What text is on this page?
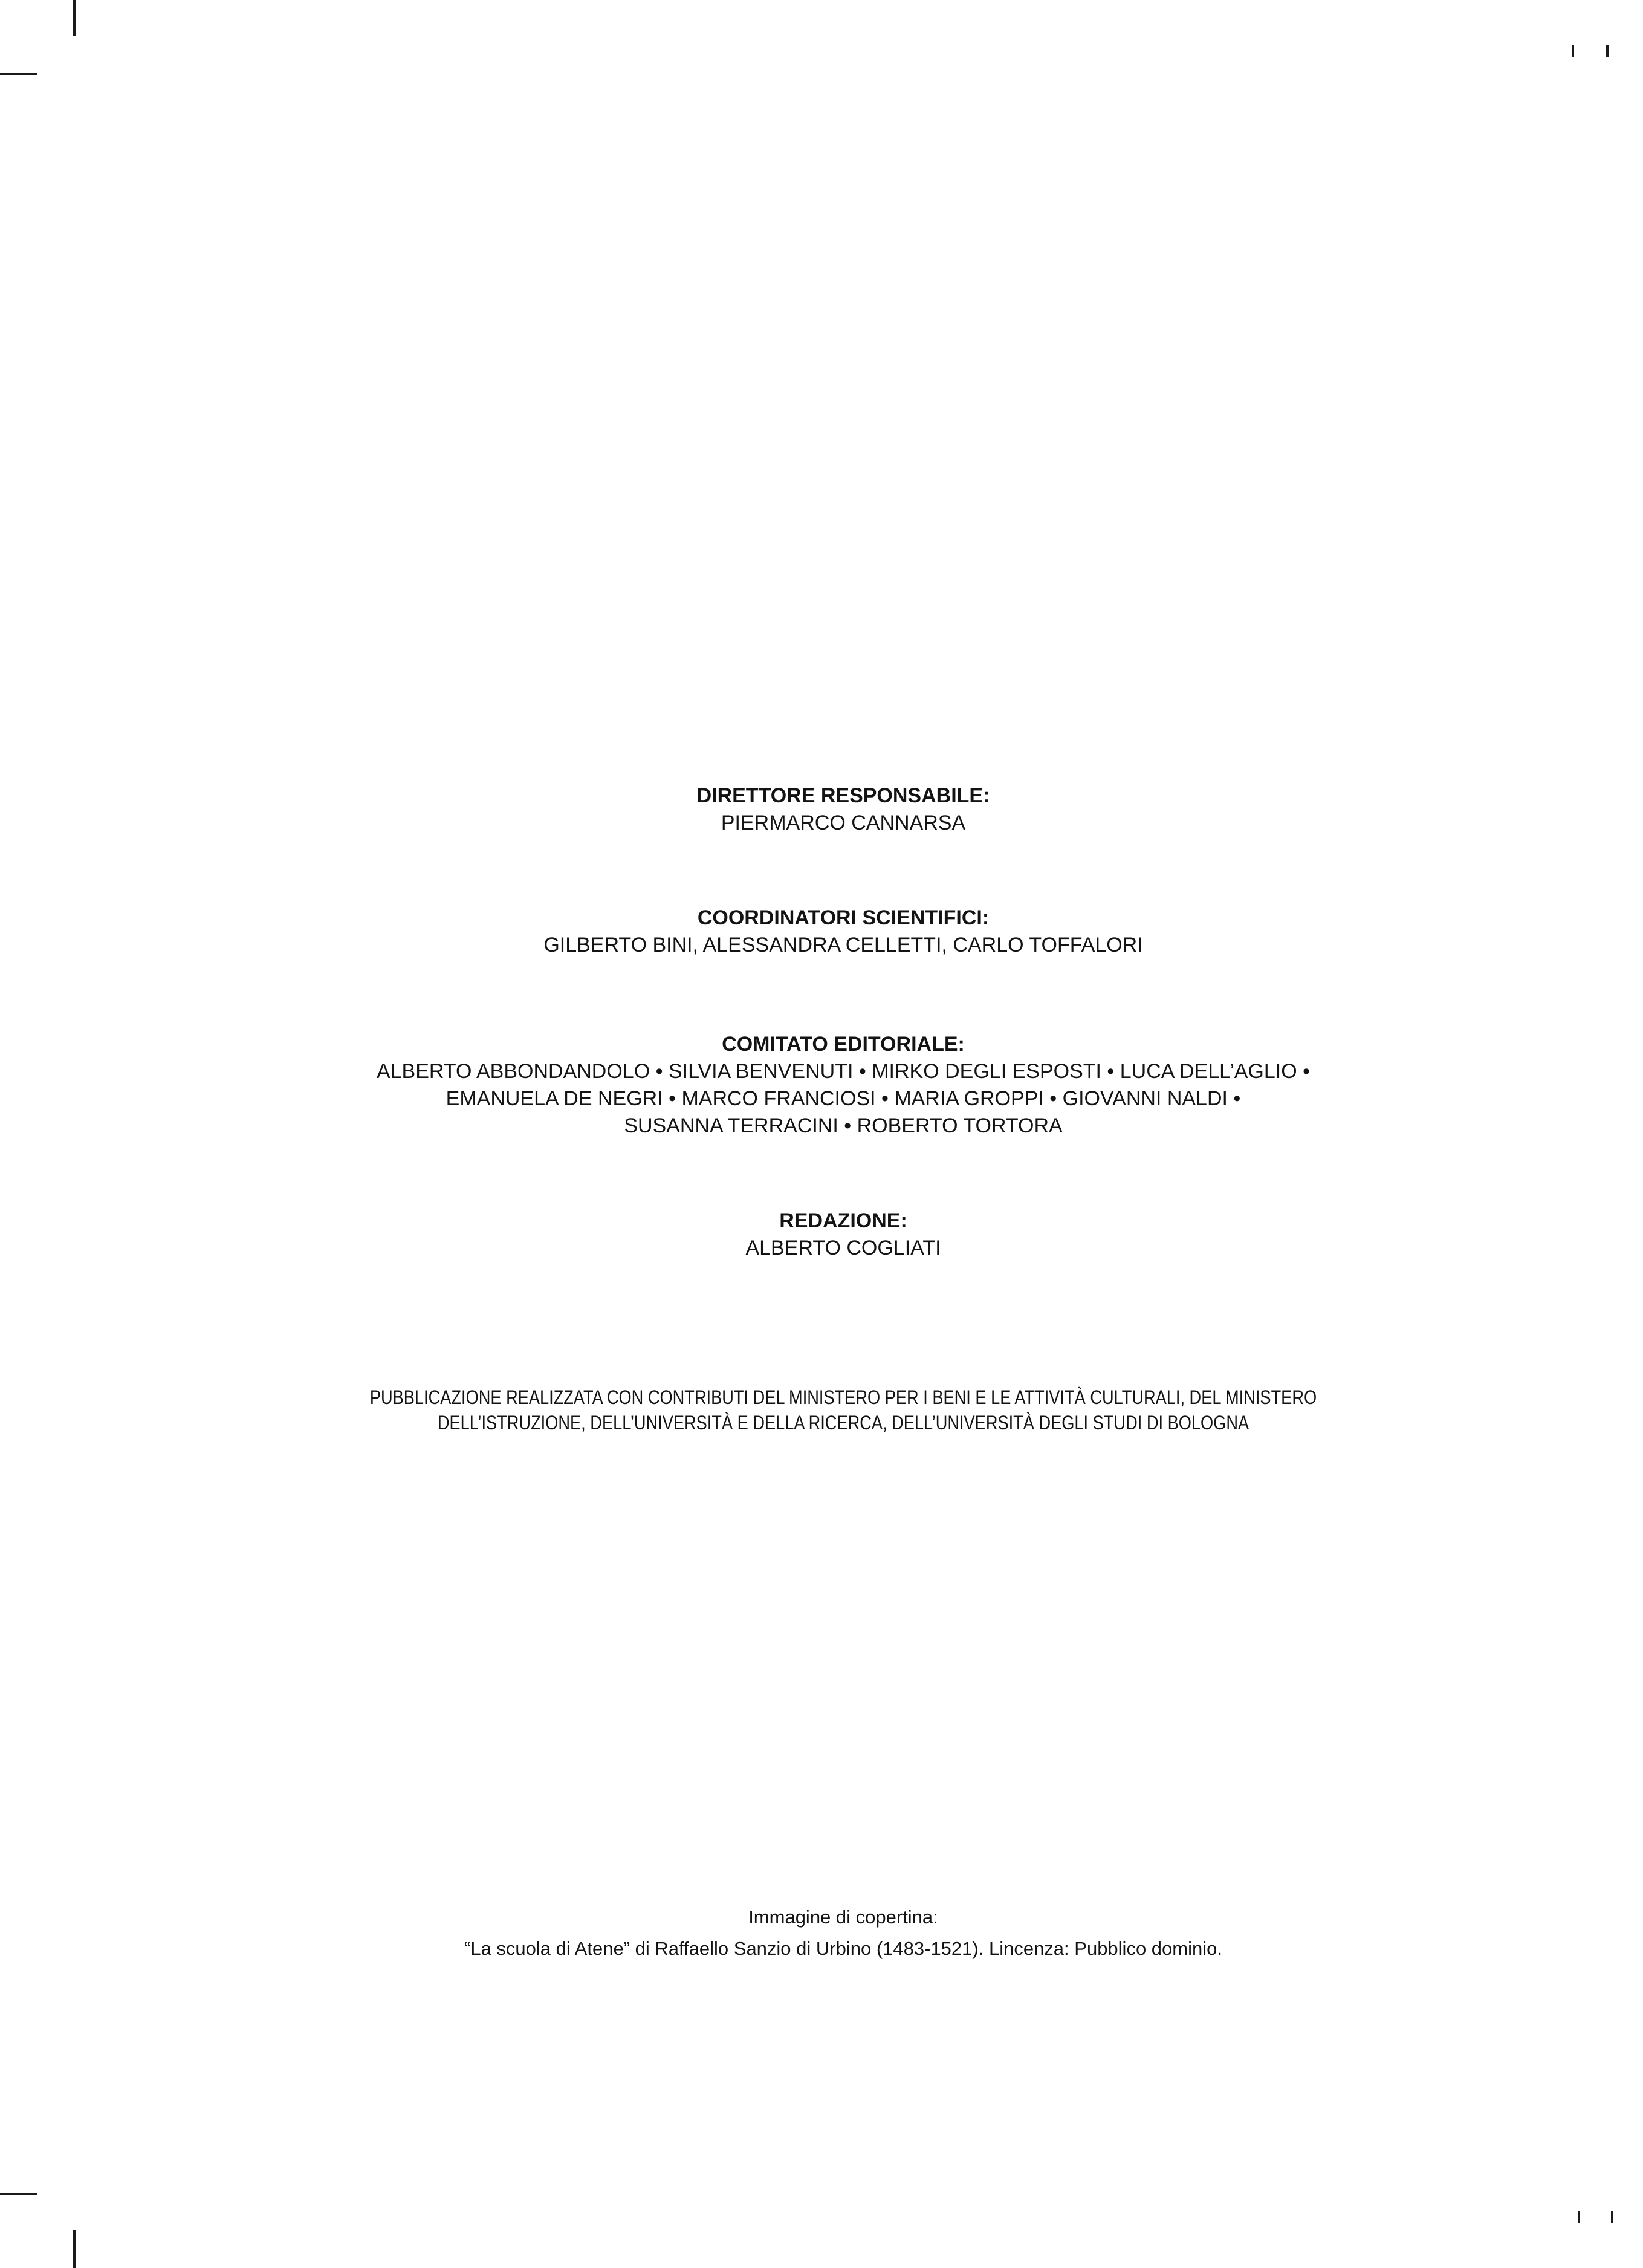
DIRETTORE RESPONSABILE:
PIERMARCO CANNARSA
COORDINATORI SCIENTIFICI:
GILBERTO BINI, ALESSANDRA CELLETTI, CARLO TOFFALORI
COMITATO EDITORIALE:
ALBERTO ABBONDANDOLO • SILVIA BENVENUTI • MIRKO DEGLI ESPOSTI • LUCA DELL’AGLIO •
EMANUELA DE NEGRI • MARCO FRANCIOSI • MARIA GROPPI • GIOVANNI NALDI •
SUSANNA TERRACINI • ROBERTO TORTORA
REDAZIONE:
ALBERTO COGLIATI
PUBBLICAZIONE REALIZZATA CON CONTRIBUTI DEL MINISTERO PER I BENI E LE ATTIVITÀ CULTURALI, DEL MINISTERO
DELL’ISTRUZIONE, DELL’UNIVERSITÀ E DELLA RICERCA, DELL’UNIVERSITÀ DEGLI STUDI DI BOLOGNA
Immagine di copertina:
“La scuola di Atene” di Raffaello Sanzio di Urbino (1483-1521). Lincenza: Pubblico dominio.
